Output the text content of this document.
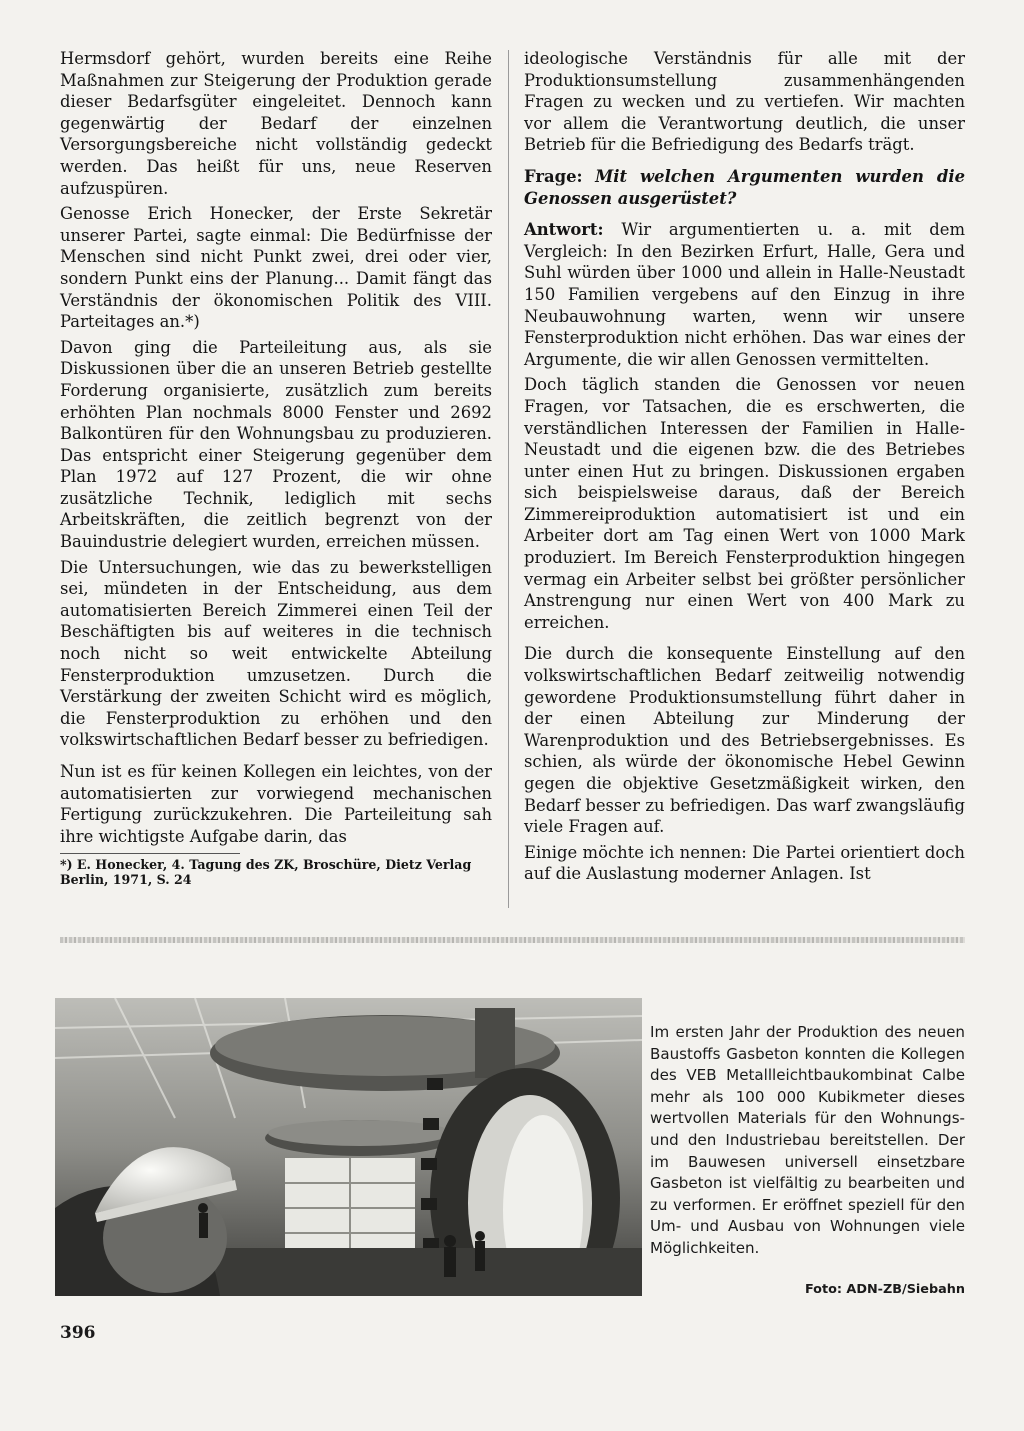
Hermsdorf gehört, wurden bereits eine Reihe Maßnahmen zur Steigerung der Produktion gerade dieser Bedarfsgüter eingeleitet. Dennoch kann gegenwärtig der Bedarf der einzelnen Versorgungsbereiche nicht vollständig gedeckt werden. Das heißt für uns, neue Reserven aufzuspüren.

Genosse Erich Honecker, der Erste Sekretär unserer Partei, sagte einmal: Die Bedürfnisse der Menschen sind nicht Punkt zwei, drei oder vier, sondern Punkt eins der Planung... Damit fängt das Verständnis der ökonomischen Politik des VIII. Parteitages an.*)

Davon ging die Parteileitung aus, als sie Diskussionen über die an unseren Betrieb gestellte Forderung organisierte, zusätzlich zum bereits erhöhten Plan nochmals 8000 Fenster und 2692 Balkontüren für den Wohnungsbau zu produzieren. Das entspricht einer Steigerung gegenüber dem Plan 1972 auf 127 Prozent, die wir ohne zusätzliche Technik, lediglich mit sechs Arbeitskräften, die zeitlich begrenzt von der Bauindustrie delegiert wurden, erreichen müssen.

Die Untersuchungen, wie das zu bewerkstelligen sei, mündeten in der Entscheidung, aus dem automatisierten Bereich Zimmerei einen Teil der Beschäftigten bis auf weiteres in die technisch noch nicht so weit entwickelte Abteilung Fensterproduktion umzusetzen. Durch die Verstärkung der zweiten Schicht wird es möglich, die Fensterproduktion zu erhöhen und den volkswirtschaftlichen Bedarf besser zu befriedigen.

Nun ist es für keinen Kollegen ein leichtes, von der automatisierten zur vorwiegend mechanischen Fertigung zurückzukehren. Die Parteileitung sah ihre wichtigste Aufgabe darin, das

*) E. Honecker, 4. Tagung des ZK, Broschüre, Dietz Verlag Berlin, 1971, S. 24

ideologische Verständnis für alle mit der Produktionsumstellung zusammenhängenden Fragen zu wecken und zu vertiefen. Wir machten vor allem die Verantwortung deutlich, die unser Betrieb für die Befriedigung des Bedarfs trägt.

Frage: Mit welchen Argumenten wurden die Genossen ausgerüstet?

Antwort: Wir argumentierten u. a. mit dem Vergleich: In den Bezirken Erfurt, Halle, Gera und Suhl würden über 1000 und allein in Halle-Neustadt 150 Familien vergebens auf den Einzug in ihre Neubauwohnung warten, wenn wir unsere Fensterproduktion nicht erhöhen. Das war eines der Argumente, die wir allen Genossen vermittelten.

Doch täglich standen die Genossen vor neuen Fragen, vor Tatsachen, die es erschwerten, die verständlichen Interessen der Familien in Halle-Neustadt und die eigenen bzw. die des Betriebes unter einen Hut zu bringen. Diskussionen ergaben sich beispielsweise daraus, daß der Bereich Zimmereiproduktion automatisiert ist und ein Arbeiter dort am Tag einen Wert von 1000 Mark produziert. Im Bereich Fensterproduktion hingegen vermag ein Arbeiter selbst bei größter persönlicher Anstrengung nur einen Wert von 400 Mark zu erreichen.

Die durch die konsequente Einstellung auf den volkswirtschaftlichen Bedarf zeitweilig notwendig gewordene Produktionsumstellung führt daher in der einen Abteilung zur Minderung der Warenproduktion und des Betriebsergebnisses. Es schien, als würde der ökonomische Hebel Gewinn gegen die objektive Gesetzmäßigkeit wirken, den Bedarf besser zu befriedigen. Das warf zwangsläufig viele Fragen auf.

Einige möchte ich nennen: Die Partei orientiert doch auf die Auslastung moderner Anlagen. Ist

Im ersten Jahr der Produktion des neuen Baustoffs Gasbeton konnten die Kollegen des VEB Metallleichtbaukombinat Calbe mehr als 100 000 Kubikmeter dieses wertvollen Materials für den Wohnungs- und den Industriebau bereitstellen. Der im Bauwesen universell einsetzbare Gasbeton ist vielfältig zu bearbeiten und zu verformen. Er eröffnet speziell für den Um- und Ausbau von Wohnungen viele Möglichkeiten.
Foto: ADN-ZB/Siebahn
396
